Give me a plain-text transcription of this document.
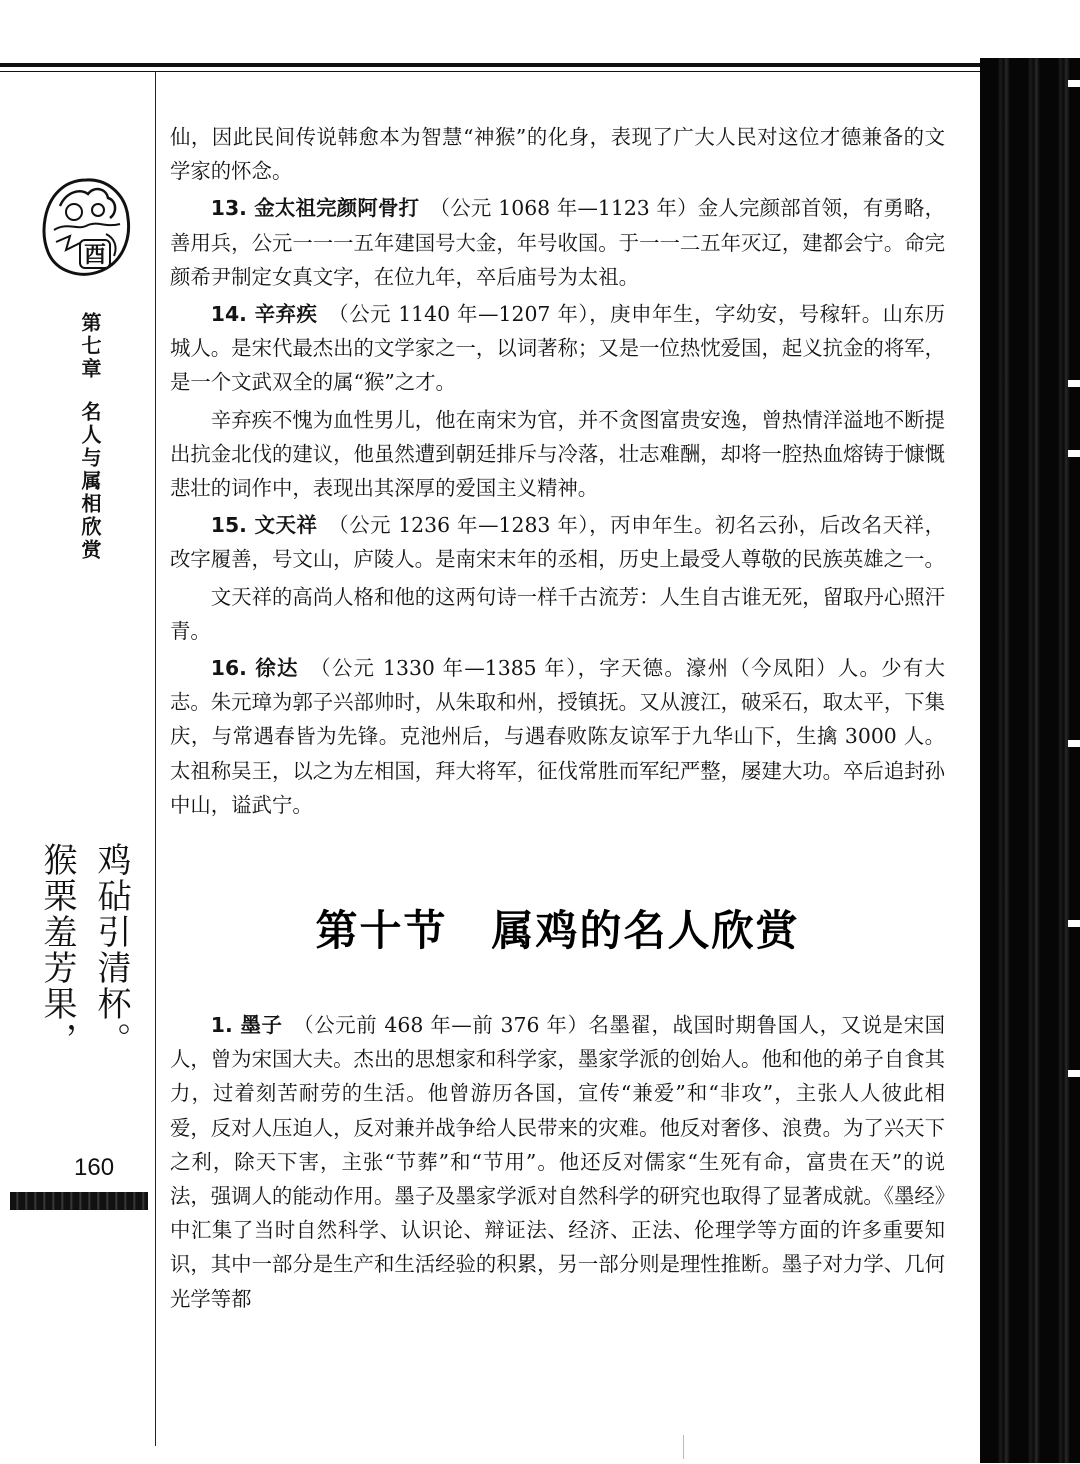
酉
第七章名人与属相欣赏
鸡砧引清杯。
猴栗羞芳果，
160

仙，因此民间传说韩愈本为智慧“神猴”的化身，表现了广大人民对这位才德兼备的文学家的怀念。

13. 金太祖完颜阿骨打　（公元 1068 年—1123 年）金人完颜部首领，有勇略，善用兵，公元一一一五年建国号大金，年号收国。于一一二五年灭辽，建都会宁。命完颜希尹制定女真文字，在位九年，卒后庙号为太祖。

14. 辛弃疾　（公元 1140 年—1207 年），庚申年生，字幼安，号稼轩。山东历城人。是宋代最杰出的文学家之一，以词著称；又是一位热忱爱国，起义抗金的将军，是一个文武双全的属“猴”之才。

辛弃疾不愧为血性男儿，他在南宋为官，并不贪图富贵安逸，曾热情洋溢地不断提出抗金北伐的建议，他虽然遭到朝廷排斥与冷落，壮志难酬，却将一腔热血熔铸于慷慨悲壮的词作中，表现出其深厚的爱国主义精神。

15. 文天祥　（公元 1236 年—1283 年），丙申年生。初名云孙，后改名天祥，改字履善，号文山，庐陵人。是南宋末年的丞相，历史上最受人尊敬的民族英雄之一。

文天祥的高尚人格和他的这两句诗一样千古流芳：人生自古谁无死，留取丹心照汗青。

16. 徐达　（公元 1330 年—1385 年），字天德。濠州（今凤阳）人。少有大志。朱元璋为郭子兴部帅时，从朱取和州，授镇抚。又从渡江，破采石，取太平，下集庆，与常遇春皆为先锋。克池州后，与遇春败陈友谅军于九华山下，生擒 3000 人。太祖称吴王，以之为左相国，拜大将军，征伐常胜而军纪严整，屡建大功。卒后追封孙中山，谥武宁。

第十节　属鸡的名人欣赏

1. 墨子　（公元前 468 年—前 376 年）名墨翟，战国时期鲁国人，又说是宋国人，曾为宋国大夫。杰出的思想家和科学家，墨家学派的创始人。他和他的弟子自食其力，过着刻苦耐劳的生活。他曾游历各国，宣传“兼爱”和“非攻”，主张人人彼此相爱，反对人压迫人，反对兼并战争给人民带来的灾难。他反对奢侈、浪费。为了兴天下之利，除天下害，主张“节葬”和“节用”。他还反对儒家“生死有命，富贵在天”的说法，强调人的能动作用。墨子及墨家学派对自然科学的研究也取得了显著成就。《墨经》中汇集了当时自然科学、认识论、辩证法、经济、正法、伦理学等方面的许多重要知识，其中一部分是生产和生活经验的积累，另一部分则是理性推断。墨子对力学、几何光学等都
